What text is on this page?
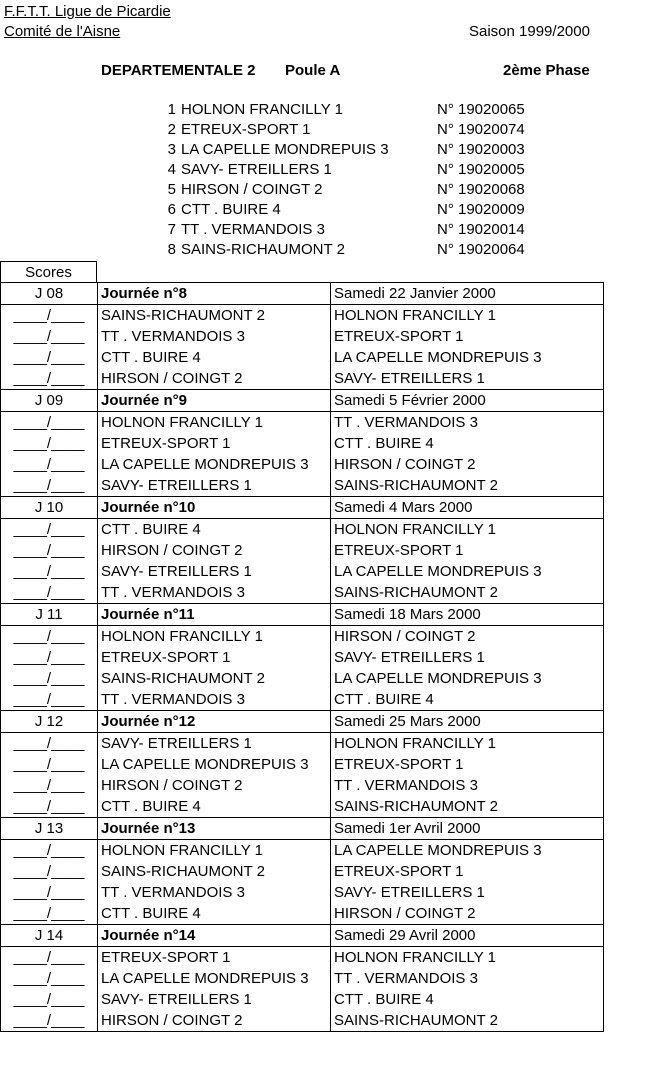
F.F.T.T. Ligue de Picardie
Comité de l'Aisne	Saison 1999/2000
DEPARTEMENTALE 2 Poule A	2ème Phase
1 HOLNON FRANCILLY 1	N° 19020065
2 ETREUX-SPORT 1	N° 19020074
3 LA CAPELLE MONDREPUIS 3	N° 19020003
4 SAVY- ETREILLERS 1	N° 19020005
5 HIRSON / COINGT 2	N° 19020068
6 CTT . BUIRE 4	N° 19020009
7 TT . VERMANDOIS 3	N° 19020014
8 SAINS-RICHAUMONT 2	N° 19020064
Scores
J 08	Journée n°8	Samedi 22 Janvier 2000
____/____	SAINS-RICHAUMONT 2	HOLNON FRANCILLY 1
____/____	TT . VERMANDOIS 3	ETREUX-SPORT 1
____/____	CTT . BUIRE 4	LA CAPELLE MONDREPUIS 3
____/____	HIRSON / COINGT 2	SAVY- ETREILLERS 1
J 09	Journée n°9	Samedi 5 Février 2000
____/____	HOLNON FRANCILLY 1	TT . VERMANDOIS 3
____/____	ETREUX-SPORT 1	CTT . BUIRE 4
____/____	LA CAPELLE MONDREPUIS 3	HIRSON / COINGT 2
____/____	SAVY- ETREILLERS 1	SAINS-RICHAUMONT 2
J 10	Journée n°10	Samedi 4 Mars 2000
____/____	CTT . BUIRE 4	HOLNON FRANCILLY 1
____/____	HIRSON / COINGT 2	ETREUX-SPORT 1
____/____	SAVY- ETREILLERS 1	LA CAPELLE MONDREPUIS 3
____/____	TT . VERMANDOIS 3	SAINS-RICHAUMONT 2
J 11	Journée n°11	Samedi 18 Mars 2000
____/____	HOLNON FRANCILLY 1	HIRSON / COINGT 2
____/____	ETREUX-SPORT 1	SAVY- ETREILLERS 1
____/____	SAINS-RICHAUMONT 2	LA CAPELLE MONDREPUIS 3
____/____	TT . VERMANDOIS 3	CTT . BUIRE 4
J 12	Journée n°12	Samedi 25 Mars 2000
____/____	SAVY- ETREILLERS 1	HOLNON FRANCILLY 1
____/____	LA CAPELLE MONDREPUIS 3	ETREUX-SPORT 1
____/____	HIRSON / COINGT 2	TT . VERMANDOIS 3
____/____	CTT . BUIRE 4	SAINS-RICHAUMONT 2
J 13	Journée n°13	Samedi 1er Avril 2000
____/____	HOLNON FRANCILLY 1	LA CAPELLE MONDREPUIS 3
____/____	SAINS-RICHAUMONT 2	ETREUX-SPORT 1
____/____	TT . VERMANDOIS 3	SAVY- ETREILLERS 1
____/____	CTT . BUIRE 4	HIRSON / COINGT 2
J 14	Journée n°14	Samedi 29 Avril 2000
____/____	ETREUX-SPORT 1	HOLNON FRANCILLY 1
____/____	LA CAPELLE MONDREPUIS 3	TT . VERMANDOIS 3
____/____	SAVY- ETREILLERS 1	CTT . BUIRE 4
____/____	HIRSON / COINGT 2	SAINS-RICHAUMONT 2
